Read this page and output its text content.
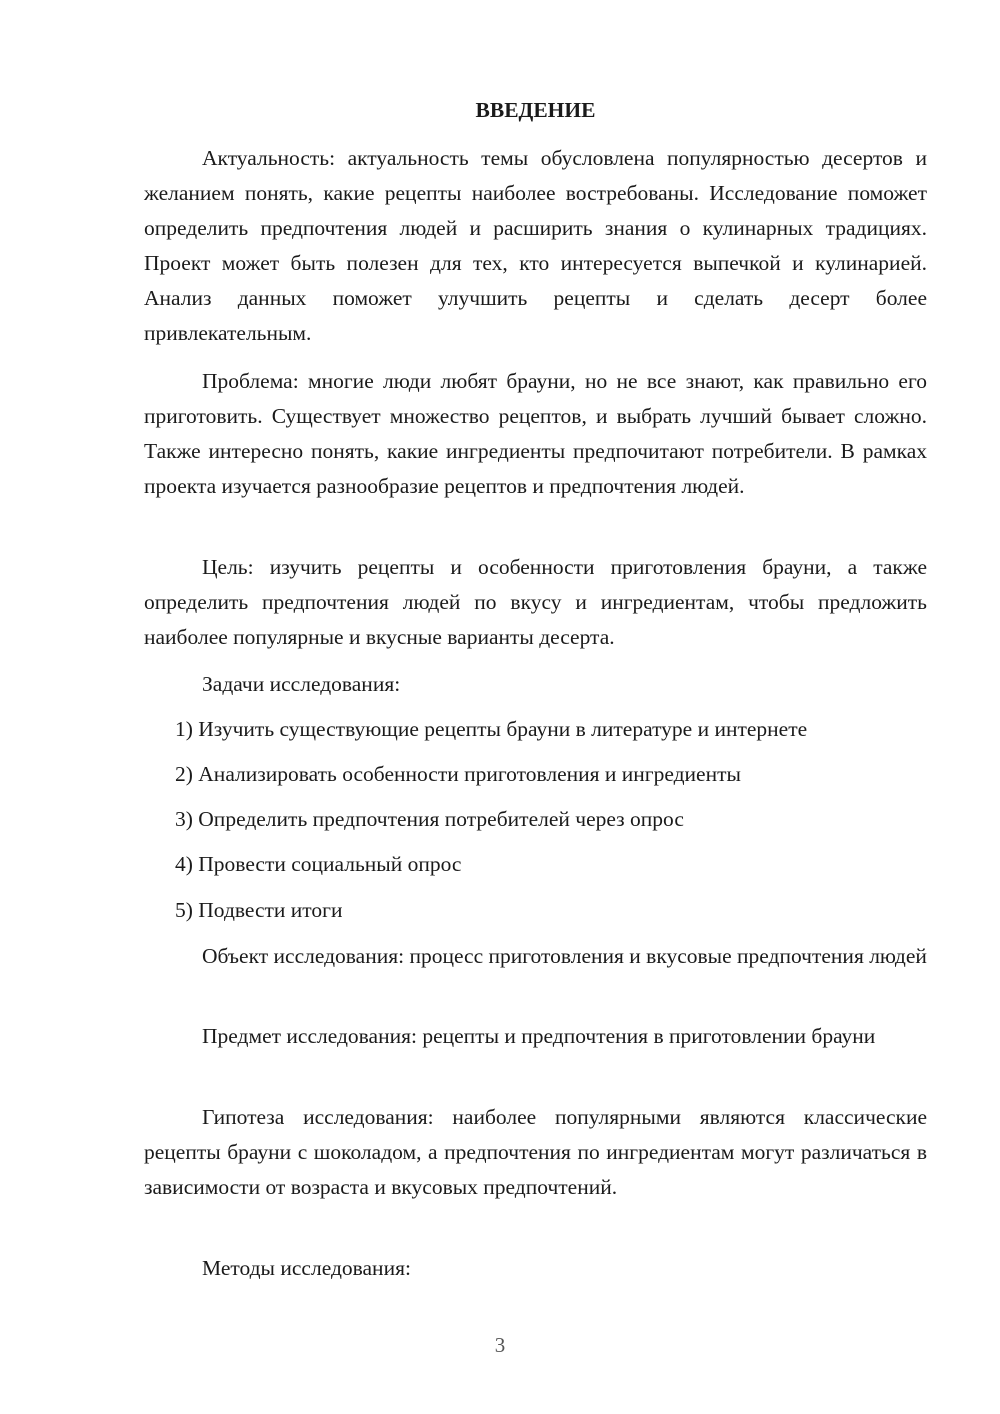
ВВЕДЕНИЕ

Актуальность: актуальность темы обусловлена популярностью десертов и желанием понять, какие рецепты наиболее востребованы. Исследование поможет определить предпочтения людей и расширить знания о кулинарных традициях. Проект может быть полезен для тех, кто интересуется выпечкой и кулинарией. Анализ данных поможет улучшить рецепты и сделать десерт более привлекательным.

Проблема: многие люди любят брауни, но не все знают, как правильно его приготовить. Существует множество рецептов, и выбрать лучший бывает сложно. Также интересно понять, какие ингредиенты предпочитают потребители. В рамках проекта изучается разнообразие рецептов и предпочтения людей.

Цель: изучить рецепты и особенности приготовления брауни, а также определить предпочтения людей по вкусу и ингредиентам, чтобы предложить наиболее популярные и вкусные варианты десерта.

Задачи исследования:

1) Изучить существующие рецепты брауни в литературе и интернете

2) Анализировать особенности приготовления и ингредиенты

3) Определить предпочтения потребителей через опрос

4) Провести социальный опрос

5) Подвести итоги

Объект исследования: процесс приготовления и вкусовые предпочтения людей

Предмет исследования: рецепты и предпочтения в приготовлении брауни

Гипотеза исследования: наиболее популярными являются классические рецепты брауни с шоколадом, а предпочтения по ингредиентам могут различаться в зависимости от возраста и вкусовых предпочтений.

Методы исследования:

3
